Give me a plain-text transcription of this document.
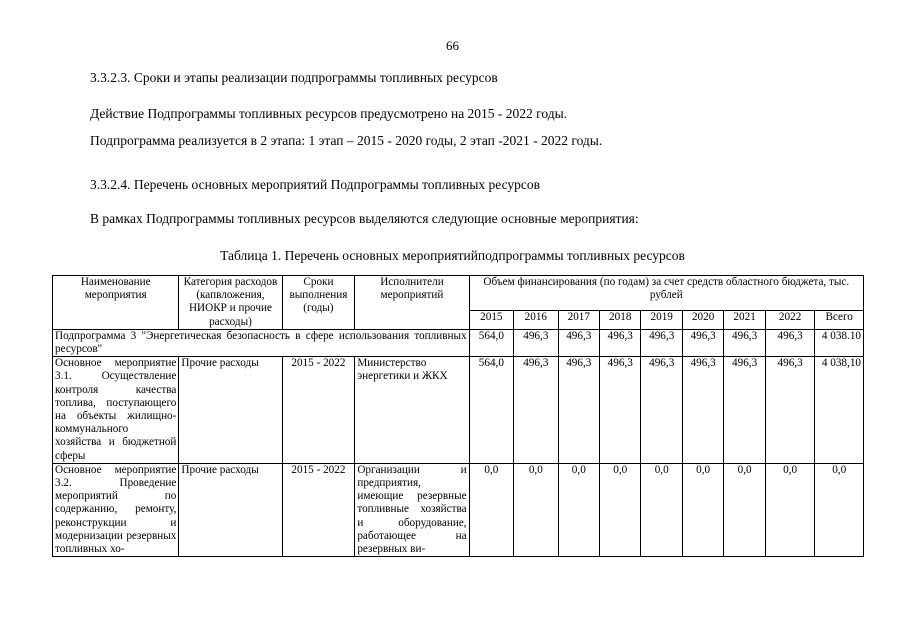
66
3.3.2.3. Сроки и этапы реализации подпрограммы топливных ресурсов
Действие Подпрограммы топливных ресурсов предусмотрено на 2015 - 2022 годы.
Подпрограмма реализуется в 2 этапа: 1 этап – 2015 - 2020 годы, 2 этап -2021 - 2022 годы.
3.3.2.4. Перечень основных мероприятий Подпрограммы топливных ресурсов
В рамках Подпрограммы топливных ресурсов выделяются следующие основные мероприятия:
Таблица 1. Перечень основных мероприятийподпрограммы топливных ресурсов
Наименование мероприятия	Категория расходов (капвложения, НИОКР и прочие расходы)	Сроки выполнения (годы)	Исполнители мероприятий	Объем финансирования (по годам) за счет средств областного бюджета, тыс. рублей								
				2015	2016	2017	2018	2019	2020	2021	2022	Всего
Подпрограмма 3 "Энергетическая безопасность в сфере использования топливных ресурсов"				564,0	496,3	496,3	496,3	496,3	496,3	496,3	496,3	4 038.10
Основное мероприятие 3.1. Осуществление контроля качества топлива, поступающего на объекты жилищно-коммунального хозяйства и бюджетной сферы	Прочие расходы	2015 - 2022	Министерство энергетики и ЖКХ	564,0	496,3	496,3	496,3	496,3	496,3	496,3	496,3	4 038,10
Основное мероприятие 3.2. Проведение мероприятий по содержанию, ремонту, реконструкции и модернизации резервных топливных хо-	Прочие расходы	2015 - 2022	Организации и предприятия, имеющие резервные топливные хозяйства и оборудование, работающее на резервных ви-	0,0	0,0	0,0	0,0	0,0	0,0	0,0	0,0	0,0
